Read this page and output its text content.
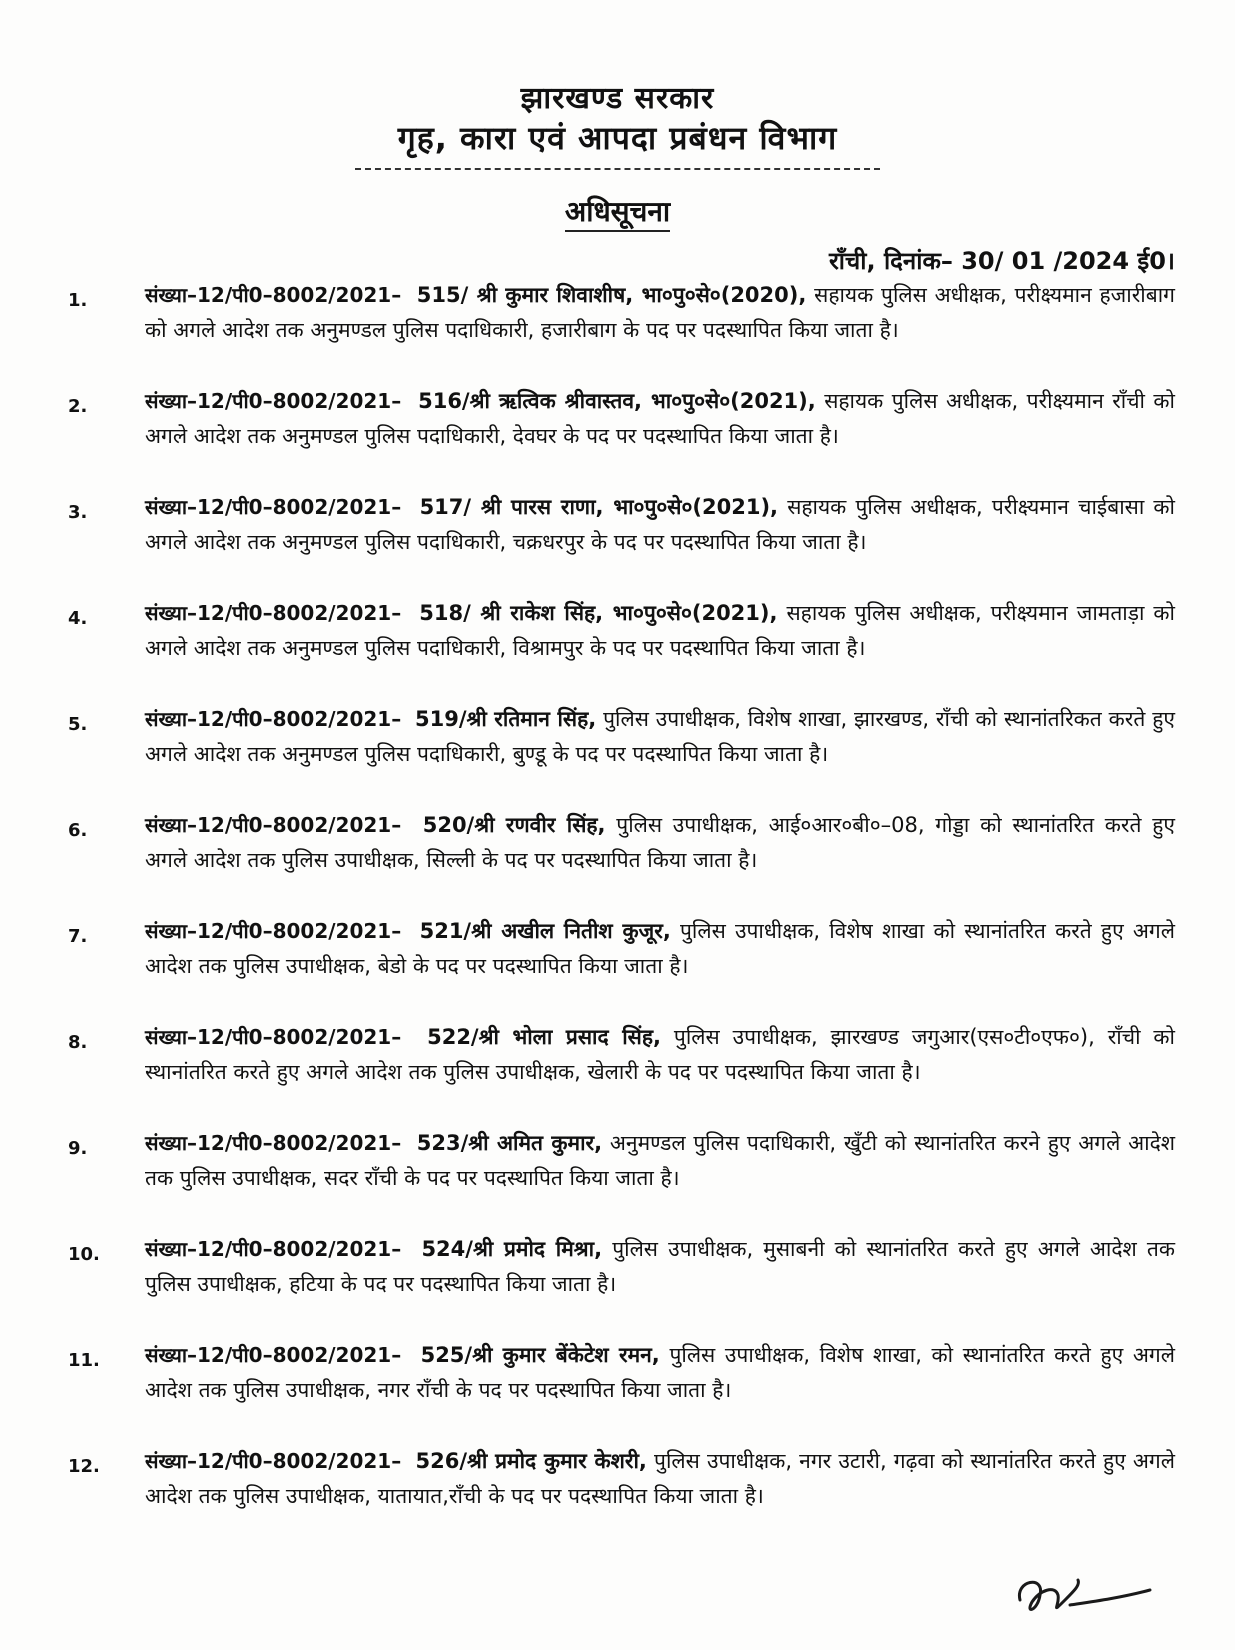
झारखण्ड सरकार
गृह, कारा एवं आपदा प्रबंधन विभाग
अधिसूचना
राँची, दिनांक– 30/ 01 /2024 ई0।
1.	संख्या–12/पी0–8002/2021– 515/ श्री कुमार शिवाशीष, भा०पु०से०(2020), सहायक पुलिस अधीक्षक, परीक्ष्यमान हजारीबाग को अगले आदेश तक अनुमण्डल पुलिस पदाधिकारी, हजारीबाग के पद पर पदस्थापित किया जाता है।
2.	संख्या–12/पी0–8002/2021– 516/श्री ऋत्विक श्रीवास्तव, भा०पु०से०(2021), सहायक पुलिस अधीक्षक, परीक्ष्यमान राँची को अगले आदेश तक अनुमण्डल पुलिस पदाधिकारी, देवघर के पद पर पदस्थापित किया जाता है।
3.	संख्या–12/पी0–8002/2021– 517/ श्री पारस राणा, भा०पु०से०(2021), सहायक पुलिस अधीक्षक, परीक्ष्यमान चाईबासा को अगले आदेश तक अनुमण्डल पुलिस पदाधिकारी, चक्रधरपुर के पद पर पदस्थापित किया जाता है।
4.	संख्या–12/पी0–8002/2021– 518/ श्री राकेश सिंह, भा०पु०से०(2021), सहायक पुलिस अधीक्षक, परीक्ष्यमान जामताड़ा को अगले आदेश तक अनुमण्डल पुलिस पदाधिकारी, विश्रामपुर के पद पर पदस्थापित किया जाता है।
5.	संख्या–12/पी0–8002/2021– 519/श्री रतिमान सिंह, पुलिस उपाधीक्षक, विशेष शाखा, झारखण्ड, राँची को स्थानांतरिकत करते हुए अगले आदेश तक अनुमण्डल पुलिस पदाधिकारी, बुण्डू के पद पर पदस्थापित किया जाता है।
6.	संख्या–12/पी0–8002/2021– 520/श्री रणवीर सिंह, पुलिस उपाधीक्षक, आई०आर०बी०–08, गोड्डा को स्थानांतरित करते हुए अगले आदेश तक पुलिस उपाधीक्षक, सिल्ली के पद पर पदस्थापित किया जाता है।
7.	संख्या–12/पी0–8002/2021– 521/श्री अखील नितीश कुजूर, पुलिस उपाधीक्षक, विशेष शाखा को स्थानांतरित करते हुए अगले आदेश तक पुलिस उपाधीक्षक, बेडो के पद पर पदस्थापित किया जाता है।
8.	संख्या–12/पी0–8002/2021– 522/श्री भोला प्रसाद सिंह, पुलिस उपाधीक्षक, झारखण्ड जगुआर(एस०टी०एफ०), राँची को स्थानांतरित करते हुए अगले आदेश तक पुलिस उपाधीक्षक, खेलारी के पद पर पदस्थापित किया जाता है।
9.	संख्या–12/पी0–8002/2021– 523/श्री अमित कुमार, अनुमण्डल पुलिस पदाधिकारी, खुँटी को स्थानांतरित करने हुए अगले आदेश तक पुलिस उपाधीक्षक, सदर राँची के पद पर पदस्थापित किया जाता है।
10.	संख्या–12/पी0–8002/2021– 524/श्री प्रमोद मिश्रा, पुलिस उपाधीक्षक, मुसाबनी को स्थानांतरित करते हुए अगले आदेश तक पुलिस उपाधीक्षक, हटिया के पद पर पदस्थापित किया जाता है।
11.	संख्या–12/पी0–8002/2021– 525/श्री कुमार बेंकेटेश रमन, पुलिस उपाधीक्षक, विशेष शाखा, को स्थानांतरित करते हुए अगले आदेश तक पुलिस उपाधीक्षक, नगर राँची के पद पर पदस्थापित किया जाता है।
12.	संख्या–12/पी0–8002/2021– 526/श्री प्रमोद कुमार केशरी, पुलिस उपाधीक्षक, नगर उटारी, गढ़वा को स्थानांतरित करते हुए अगले आदेश तक पुलिस उपाधीक्षक, यातायात,राँची के पद पर पदस्थापित किया जाता है।
